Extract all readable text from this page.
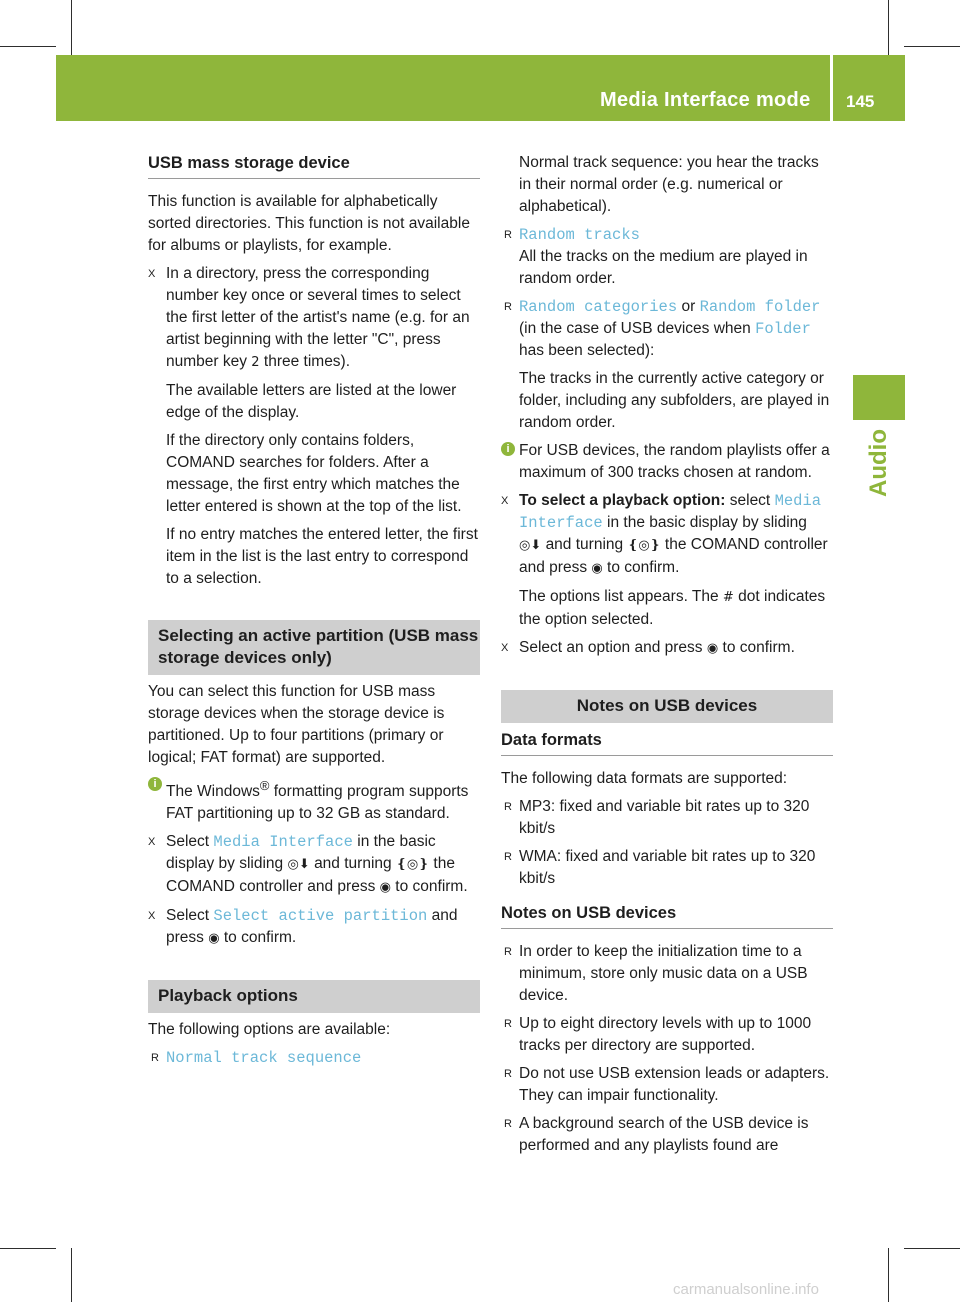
Media Interface mode 145
Audio
USB mass storage device

This function is available for alphabetically sorted directories. This function is not available for albums or playlists, for example.

X In a directory, press the corresponding number key once or several times to select the first letter of the artist's name (e.g. for an artist beginning with the letter "C", press number key 2 three times).

The available letters are listed at the lower edge of the display.

If the directory only contains folders, COMAND searches for folders. After a message, the first entry which matches the letter entered is shown at the top of the list.

If no entry matches the entered letter, the first item in the list is the last entry to correspond to a selection.

Selecting an active partition (USB mass storage devices only)

You can select this function for USB mass storage devices when the storage device is partitioned. Up to four partitions (primary or logical; FAT format) are supported.

i The Windows® formatting program supports FAT partitioning up to 32 GB as standard.
X Select Media Interface in the basic display by sliding ◎⬇ and turning ❴◎❵ the COMAND controller and press ◉ to confirm.
X Select Select active partition and press ◉ to confirm.
Playback options

The following options are available:

R Normal track sequence

Normal track sequence: you hear the tracks in their normal order (e.g. numerical or alphabetical).

R Random tracks

All the tracks on the medium are played in random order.

R Random categories or Random folder
(in the case of USB devices when Folder has been selected):

The tracks in the currently active category or folder, including any subfolders, are played in random order.

i For USB devices, the random playlists offer a maximum of 300 tracks chosen at random.
X To select a playback option: select Media Interface in the basic display by sliding ◎⬇ and turning ❴◎❵ the COMAND controller and press ◉ to confirm.
The options list appears. The # dot indicates the option selected.
X Select an option and press ◉ to confirm.
Notes on USB devices
Data formats

The following data formats are supported:

R MP3: fixed and variable bit rates up to 320 kbit/s
R WMA: fixed and variable bit rates up to 320 kbit/s
Notes on USB devices
R In order to keep the initialization time to a minimum, store only music data on a USB device.
R Up to eight directory levels with up to 1000 tracks per directory are supported.
R Do not use USB extension leads or adapters. They can impair functionality.
R A background search of the USB device is performed and any playlists found are
carmanualsonline.info
